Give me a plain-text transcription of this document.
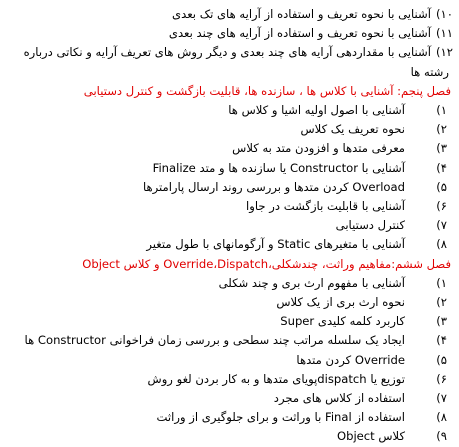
۱۰)
آشنایی با نحوه تعریف و استفاده از آرایه های تک بعدی
۱۱)
آشنایی با نحوه تعریف و استفاده از آرایه های چند بعدی
۱۲)
آشنایی با مقداردهی آرایه های چند بعدی و دیگر روش های تعریف آرایه و نکاتی درباره
رشته ها
فصل پنجم: آشنایی با کلاس ها ، سازنده ها، قابلیت بازگشت و کنترل دستیابی
۱)
آشنایی با اصول اولیه اشیا و کلاس ها
۲)
نحوه تعریف یک کلاس
۳)
معرفی متدها و افزودن متد به کلاس
۴)
آشنایی با Constructor یا سازنده ها و متد Finalize
۵)
Overload کردن متدها و بررسی روند ارسال پارامترها
۶)
آشنایی با قابلیت بازگشت در جاوا
۷)
کنترل دستیابی
۸)
آشنایی با متغیرهای Static و آرگومانهای با طول متغیر
فصل ششم:مفاهیم وراثت، چندشکلی،Override،Dispatch و کلاس Object
۱)
آشنایی با مفهوم ارث بری و چند شکلی
۲)
نحوه ارث بری از یک کلاس
۳)
کاربرد کلمه کلیدی Super
۴)
ایجاد یک سلسله مراتب چند سطحی و بررسی زمان فراخوانی Constructor ها
۵)
Override کردن متدها
۶)
توزیع یا dispatchپویای متدها و به کار بردن لغو روش
۷)
استفاده از کلاس های مجرد
۸)
استفاده از Final با وراثت و برای جلوگیری از وراثت
۹)
کلاس Object
